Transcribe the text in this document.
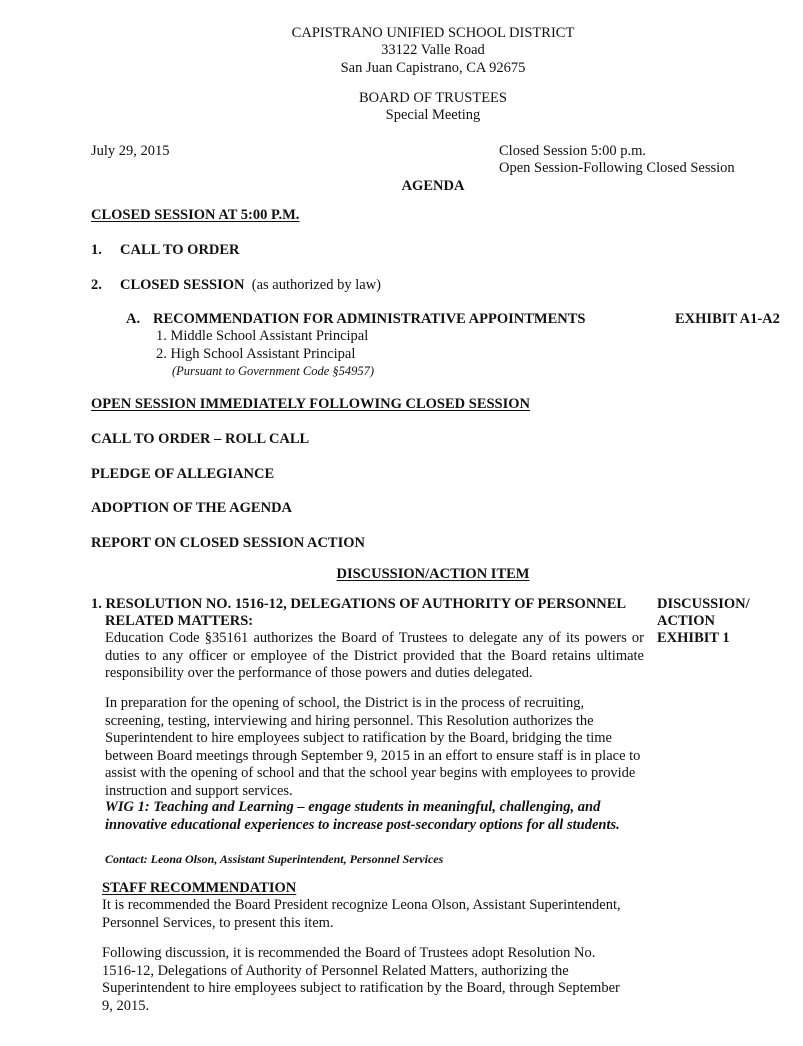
CAPISTRANO UNIFIED SCHOOL DISTRICT
33122 Valle Road
San Juan Capistrano, CA 92675
BOARD OF TRUSTEES
Special Meeting
July 29, 2015	Closed Session 5:00 p.m.
Open Session-Following Closed Session
AGENDA
CLOSED SESSION AT 5:00 P.M.
1. CALL TO ORDER
2. CLOSED SESSION (as authorized by law)
A. RECOMMENDATION FOR ADMINISTRATIVE APPOINTMENTS	EXHIBIT A1-A2
1. Middle School Assistant Principal
2. High School Assistant Principal
(Pursuant to Government Code §54957)
OPEN SESSION IMMEDIATELY FOLLOWING CLOSED SESSION
CALL TO ORDER – ROLL CALL
PLEDGE OF ALLEGIANCE
ADOPTION OF THE AGENDA
REPORT ON CLOSED SESSION ACTION
DISCUSSION/ACTION ITEM
1. RESOLUTION NO. 1516-12, DELEGATIONS OF AUTHORITY OF PERSONNEL
RELATED MATTERS:
DISCUSSION/
ACTION
EXHIBIT 1
Education Code §35161 authorizes the Board of Trustees to delegate any of its powers or duties to any officer or employee of the District provided that the Board retains ultimate responsibility over the performance of those powers and duties delegated.
In preparation for the opening of school, the District is in the process of recruiting, screening, testing, interviewing and hiring personnel. This Resolution authorizes the Superintendent to hire employees subject to ratification by the Board, bridging the time between Board meetings through September 9, 2015 in an effort to ensure staff is in place to assist with the opening of school and that the school year begins with employees to provide instruction and support services.
WIG 1: Teaching and Learning – engage students in meaningful, challenging, and innovative educational experiences to increase post-secondary options for all students.
Contact: Leona Olson, Assistant Superintendent, Personnel Services
STAFF RECOMMENDATION
It is recommended the Board President recognize Leona Olson, Assistant Superintendent, Personnel Services, to present this item.
Following discussion, it is recommended the Board of Trustees adopt Resolution No. 1516-12, Delegations of Authority of Personnel Related Matters, authorizing the Superintendent to hire employees subject to ratification by the Board, through September 9, 2015.
